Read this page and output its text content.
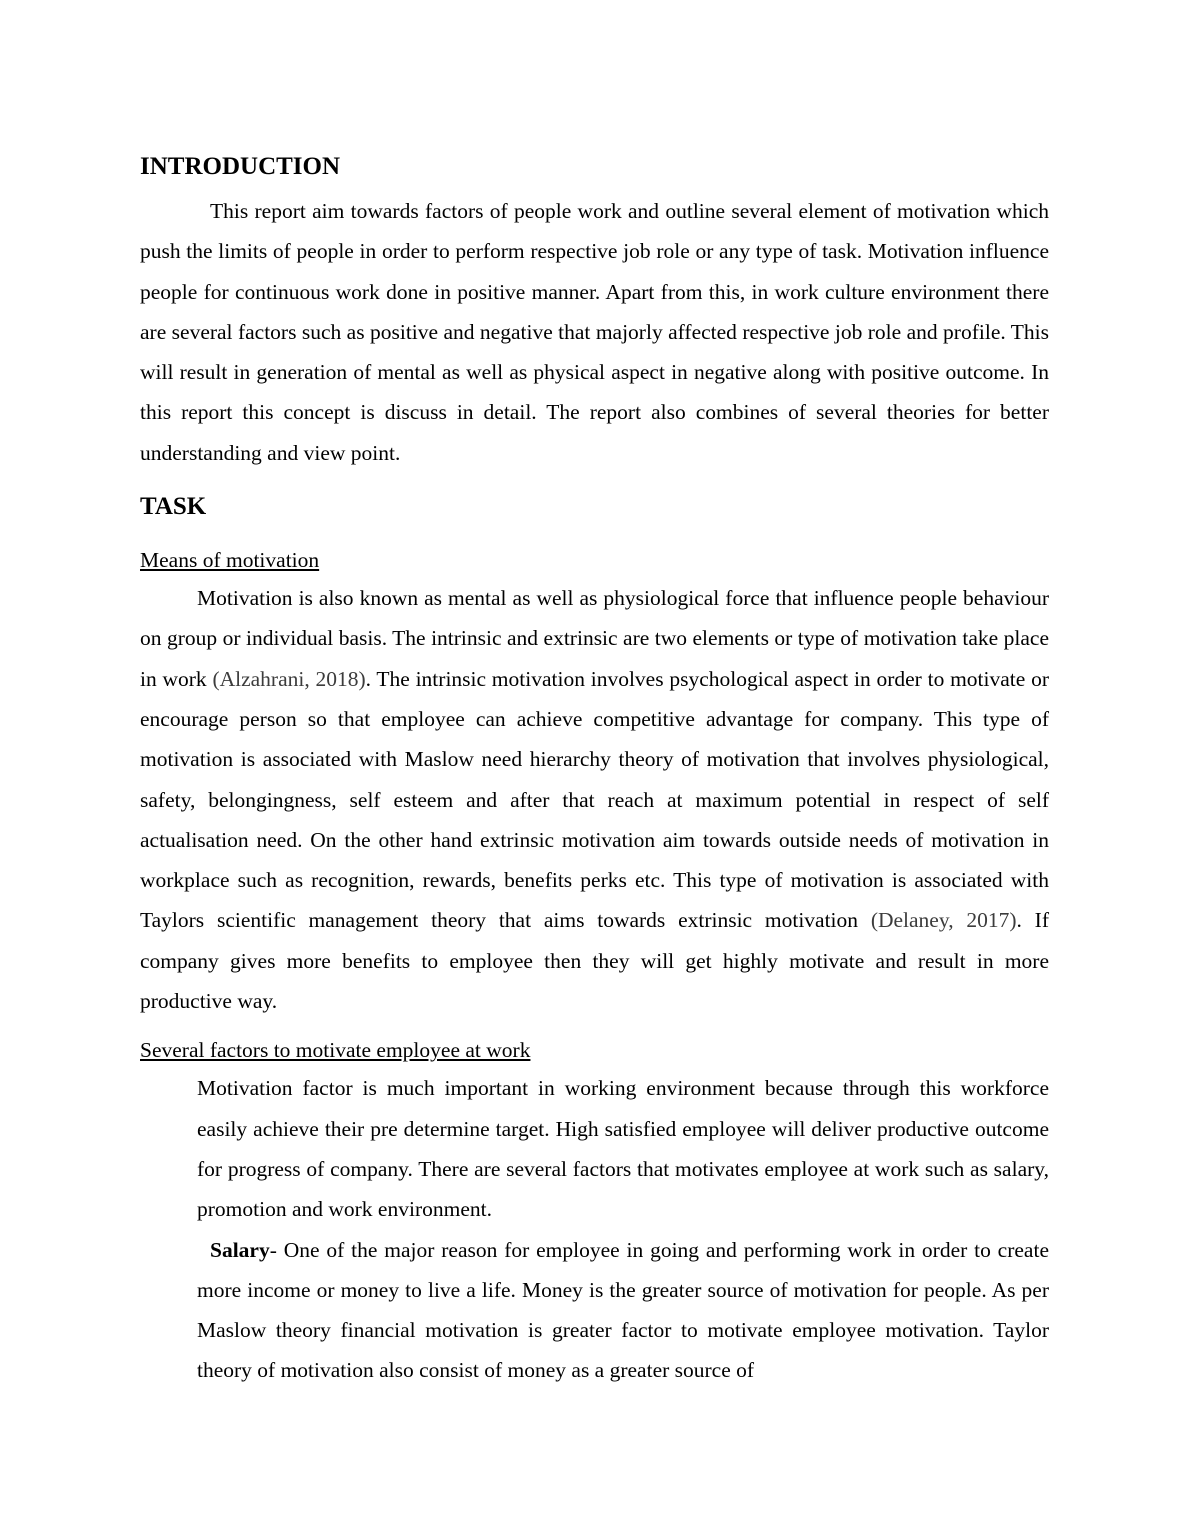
INTRODUCTION

This report aim towards factors of people work and outline several element of motivation which push the limits of people in order to perform respective job role or any type of task. Motivation influence people for continuous work done in positive manner. Apart from this, in work culture environment there are several factors such as positive and negative that majorly affected respective job role and profile. This will result in generation of mental as well as physical aspect in negative along with positive outcome. In this report this concept is discuss in detail. The report also combines of several theories for better understanding and view point.

TASK
Means of motivation

Motivation is also known as mental as well as physiological force that influence people behaviour on group or individual basis. The intrinsic and extrinsic are two elements or type of motivation take place in work (Alzahrani, 2018). The intrinsic motivation involves psychological aspect in order to motivate or encourage person so that employee can achieve competitive advantage for company. This type of motivation is associated with Maslow need hierarchy theory of motivation that involves physiological, safety, belongingness, self esteem and after that reach at maximum potential in respect of self actualisation need. On the other hand extrinsic motivation aim towards outside needs of motivation in workplace such as recognition, rewards, benefits perks etc. This type of motivation is associated with Taylors scientific management theory that aims towards extrinsic motivation (Delaney, 2017). If company gives more benefits to employee then they will get highly motivate and result in more productive way.

Several factors to motivate employee at work

Motivation factor is much important in working environment because through this workforce easily achieve their pre determine target. High satisfied employee will deliver productive outcome for progress of company. There are several factors that motivates employee at work such as salary, promotion and work environment.

Salary- One of the major reason for employee in going and performing work in order to create more income or money to live a life. Money is the greater source of motivation for people. As per Maslow theory financial motivation is greater factor to motivate employee motivation. Taylor theory of motivation also consist of money as a greater source of
